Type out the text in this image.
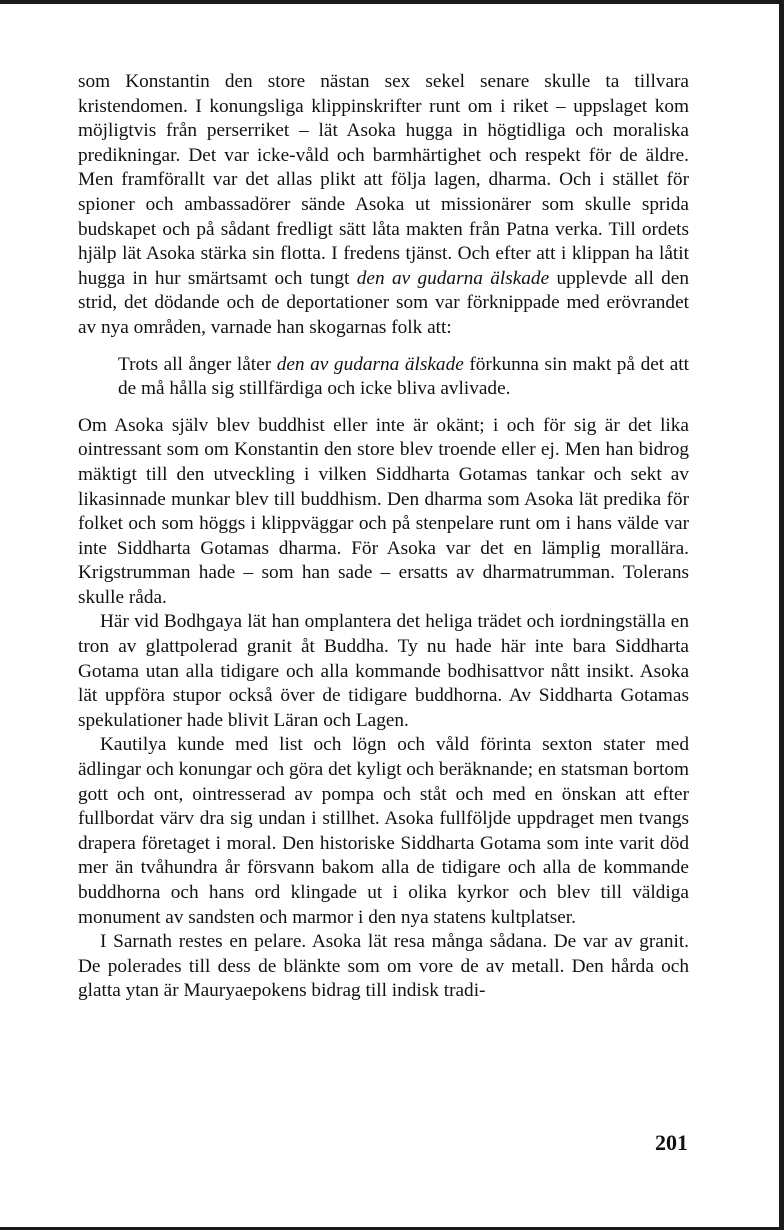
som Konstantin den store nästan sex sekel senare skulle ta tillvara kristendomen. I konungsliga klippinskrifter runt om i riket – uppslaget kom möjligtvis från perserriket – lät Asoka hugga in högtidliga och moraliska predikningar. Det var icke-våld och barmhärtighet och respekt för de äldre. Men framförallt var det allas plikt att följa lagen, dharma. Och i stället för spioner och ambassadörer sände Asoka ut missionärer som skulle sprida budskapet och på sådant fredligt sätt låta makten från Patna verka. Till ordets hjälp lät Asoka stärka sin flotta. I fredens tjänst. Och efter att i klippan ha låtit hugga in hur smärtsamt och tungt den av gudarna älskade upplevde all den strid, det dödande och de deportationer som var förknippade med erövrandet av nya områden, varnade han skogarnas folk att:

Trots all ånger låter den av gudarna älskade förkunna sin makt på det att de må hålla sig stillfärdiga och icke bliva avlivade.

Om Asoka själv blev buddhist eller inte är okänt; i och för sig är det lika ointressant som om Konstantin den store blev troende eller ej. Men han bidrog mäktigt till den utveckling i vilken Siddharta Gotamas tankar och sekt av likasinnade munkar blev till buddhism. Den dharma som Asoka lät predika för folket och som höggs i klippväggar och på stenpelare runt om i hans välde var inte Siddharta Gotamas dharma. För Asoka var det en lämplig morallära. Krigstrumman hade – som han sade – ersatts av dharmatrumman. Tolerans skulle råda.

Här vid Bodhgaya lät han omplantera det heliga trädet och iordningställa en tron av glattpolerad granit åt Buddha. Ty nu hade här inte bara Siddharta Gotama utan alla tidigare och alla kommande bodhisattvor nått insikt. Asoka lät uppföra stupor också över de tidigare buddhorna. Av Siddharta Gotamas spekulationer hade blivit Läran och Lagen.

Kautilya kunde med list och lögn och våld förinta sexton stater med ädlingar och konungar och göra det kyligt och beräknande; en statsman bortom gott och ont, ointresserad av pompa och ståt och med en önskan att efter fullbordat värv dra sig undan i stillhet. Asoka fullföljde uppdraget men tvangs drapera företaget i moral. Den historiske Siddharta Gotama som inte varit död mer än tvåhundra år försvann bakom alla de tidigare och alla de kommande buddhorna och hans ord klingade ut i olika kyrkor och blev till väldiga monument av sandsten och marmor i den nya statens kultplatser.

I Sarnath restes en pelare. Asoka lät resa många sådana. De var av granit. De polerades till dess de blänkte som om vore de av metall. Den hårda och glatta ytan är Mauryaepokens bidrag till indisk tradi-

201
